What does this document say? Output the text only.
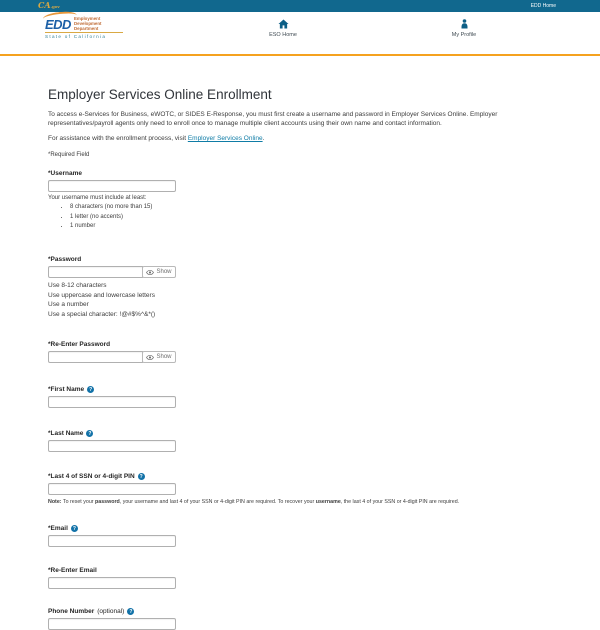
CA.gov	EDD Home
EDD Employment
Development
Department
State of California	ESO Home	My Profile
Employer Services Online Enrollment

To access e-Services for Business, eWOTC, or SIDES E-Response, you must first create a username and password in Employer Services Online. Employer representatives/payroll agents only need to enroll once to manage multiple client accounts using their own name and contact information.

For assistance with the enrollment process, visit Employer Services Online.

*Required Field

*Username
Your username must include at least:
• 8 characters (no more than 15)
• 1 letter (no accents)
• 1 number
*Password
Show
Use 8-12 characters
Use uppercase and lowercase letters
Use a number
Use a special character: !@#$%^&*()
*Re-Enter Password
Show
*First Name ?
*Last Name ?
*Last 4 of SSN or 4-digit PIN ?

Note: To reset your password, your username and last 4 of your SSN or 4-digit PIN are required. To recover your username, the last 4 of your SSN or 4-digit PIN are required.

*Email ?
*Re-Enter Email
Phone Number (optional) ?
